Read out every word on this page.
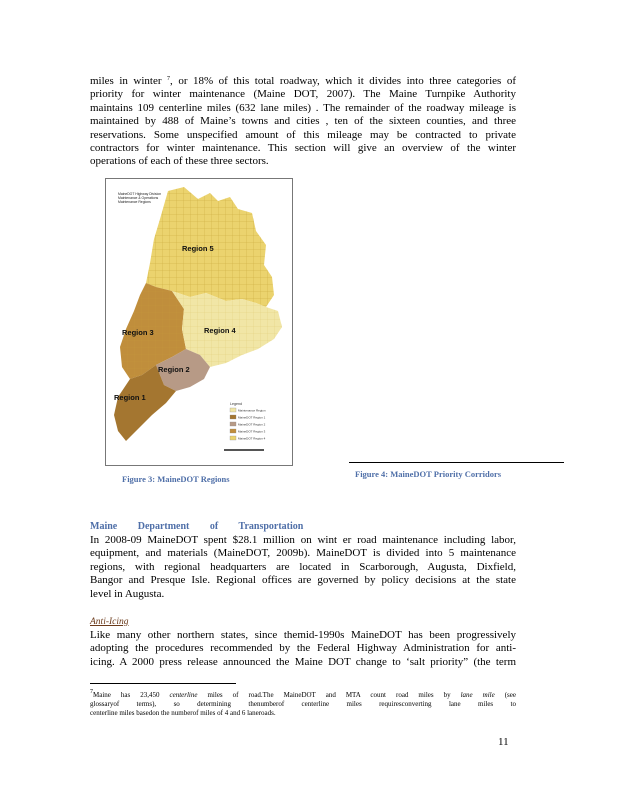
miles in winter $^7$, or 18% of this total roadway, which it divides into three categories of
priority for winter maintenance (Maine DOT, 2007). The Maine Turnpike Authority
maintains 109 centerline miles (632 lane miles) . The remainder of the roadway mileage is
maintained by 488 of Maine’s towns and cities , ten of the sixteen counties, and three
reservations. Some unspecified amount of this mileage may be contracted to private
contractors for winter maintenance. This section will give an overview of the winter
operations of each of these three sectors.
MaineDOT Highway Division
Maintenance & Operations
Maintenance Regions
Region 5
Region 3	Region 4
Region 2
Region 1
Legend
Maintenance Region
MaineDOT Region 1
MaineDOT Region 2
MaineDOT Region 3
MaineDOT Region 4
Figure 3: MaineDOT Regions	Figure 4: MaineDOT Priority Corridors
Maine Department of Transportation
In 2008-09 MaineDOT spent $28.1 million on wint er road maintenance including labor,
equipment, and materials (MaineDOT, 2009b). MaineDOT is divided into 5 maintenance
regions, with regional headquarters are located in Scarborough, Augusta, Dixfield,
Bangor and Presque Isle. Regional offices are governed by policy decisions at the state
level in Augusta.
Anti-Icing
Like many other northern states, since themid-1990s MaineDOT has been progressively
adopting the procedures recommended by the Federal Highway Administration for anti-
icing. A 2000 press release announced the Maine DOT change to ‘salt priority” (the term
$^7$Maine has 23,450 centerline miles of road.The MaineDOT and MTA count road miles by lane mile (see
glossaryof terms), so determining thenumberof centerline miles requiresconverting lane miles to
centerline miles basedon the numberof miles of 4 and 6 laneroads.
11
